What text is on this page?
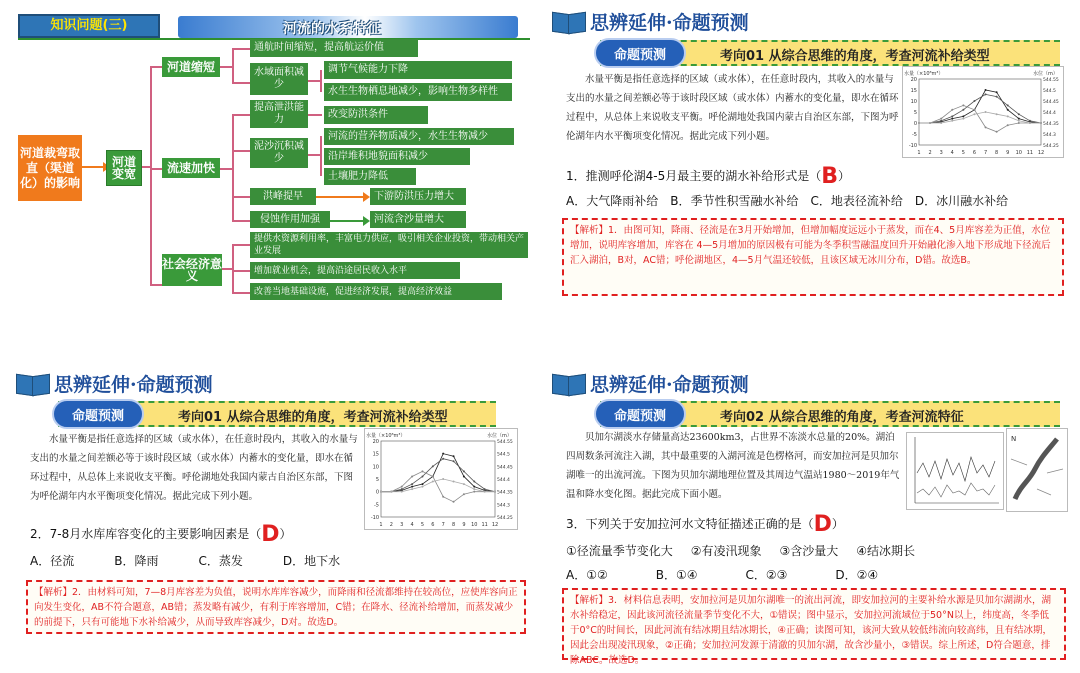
知识问题(三)	河流的水系特征
河道裁弯取直（渠道化）的影响
河道变宽
河道缩短
通航时间缩短，提高航运价值
水域面积减少
调节气候能力下降
水生生物栖息地减少，影响生物多样性
流速加快
提高泄洪能力	改变防洪条件
泥沙沉积减少
河流的营养物质减少，水生生物减少
沿岸堆积地貌面积减少
土壤肥力降低
洪峰提早	下游防洪压力增大
侵蚀作用加强	河流含沙量增大
社会经济意义
提供水资源利用率，丰富电力供应，吸引相关企业投资，带动相关产业发展
增加就业机会，提高沿途居民收入水平
改善当地基础设施，促进经济发展，提高经济效益
思辨延伸·命题预测
命题预测	考向01 从综合思维的角度，考查河流补给类型
水量平衡是指任意选择的区域（或水体），在任意时段内，其收入的水量与支出的水量之间差额必等于该时段区域（或水体）内蓄水的变化量，即水在循环过程中，从总体上来说收支平衡。呼伦湖地处我国内蒙古自治区东部，下图为呼伦湖年内水平衡项变化情况。据此完成下列小题。
水量（×10⁸m³）	水位（m）
-10
-5
0
5
10
15
20
544.25
544.3
544.35
544.4
544.45
544.5
544.55
1 2 3 4 5 6 7 8 9 10 11 12
1．推测呼伦湖4-5月最主要的湖水补给形式是（B）
A．大气降雨补给 B．季节性积雪融水补给 C．地表径流补给 D．冰川融水补给
【解析】1．由图可知，降雨、径流是在3月开始增加，但增加幅度远远小于蒸发，而在4、5月库容差为正值，水位增加，说明库容增加，库容在 4—5月增加的原因极有可能为冬季积雪融温度回升开始融化渗入地下形成地下径流后汇入湖泊，B对，AC错；呼伦湖地区，4—5月气温还较低，且该区域无冰川分布，D错。故选B。
思辨延伸·命题预测
命题预测	考向01 从综合思维的角度，考查河流补给类型
水量平衡是指任意选择的区域（或水体），在任意时段内，其收入的水量与支出的水量之间差额必等于该时段区域（或水体）内蓄水的变化量，即水在循环过程中，从总体上来说收支平衡。呼伦湖地处我国内蒙古自治区东部，下图为呼伦湖年内水平衡项变化情况。据此完成下列小题。
水量（×10⁸m³）	水位（m）
-10
-5
0
5
10
15
20
544.25
544.3
544.35
544.4
544.45
544.5
544.55
1 2 3 4 5 6 7 8 9 10 11 12
2．7-8月水库库容变化的主要影响因素是（D）
A．径流	B．降雨	C．蒸发	D．地下水
【解析】2．由材料可知，7—8月库容差为负值，说明水库库容减少，而降雨和径流都维持在较高位，应使库容向正向发生变化，AB不符合题意，AB错；蒸发略有减少，有利于库容增加，C错；在降水、径流补给增加，而蒸发减少的前提下，只有可能地下水补给减少，从而导致库容减少，D对。故选D。
思辨延伸·命题预测
命题预测	考向02 从综合思维的角度，考查河流特征
贝加尔湖淡水存储量高达23600km3，占世界不冻淡水总量的20%。湖泊四周数条河流注入湖，其中最重要的入湖河流是色楞格河，而安加拉河是贝加尔湖唯一的出流河流。下图为贝加尔湖地理位置及其周边气温站1980～2019年气温和降水变化图。据此完成下面小题。
N
3．下列关于安加拉河水文特征描述正确的是（D）
①径流量季节变化大 ②有凌汛现象 ③含沙量大 ④结冰期长
A．①②	B．①④	C．②③	D．②④
【解析】3．材料信息表明，安加拉河是贝加尔湖唯一的流出河流，即安加拉河的主要补给水源是贝加尔湖湖水，湖水补给稳定，因此该河流径流量季节变化不大，①错误；图中显示，安加拉河流域位于50°N以上，纬度高，冬季低于0°C的时间长，因此河流有结冰期且结冰期长，④正确；读图可知，该河大致从较低纬流向较高纬，且有结冰期，因此会出现凌汛现象，②正确；安加拉河发源于清澈的贝加尔湖，故含沙量小，③错误。综上所述，D符合题意，排除ABC。故选D。
